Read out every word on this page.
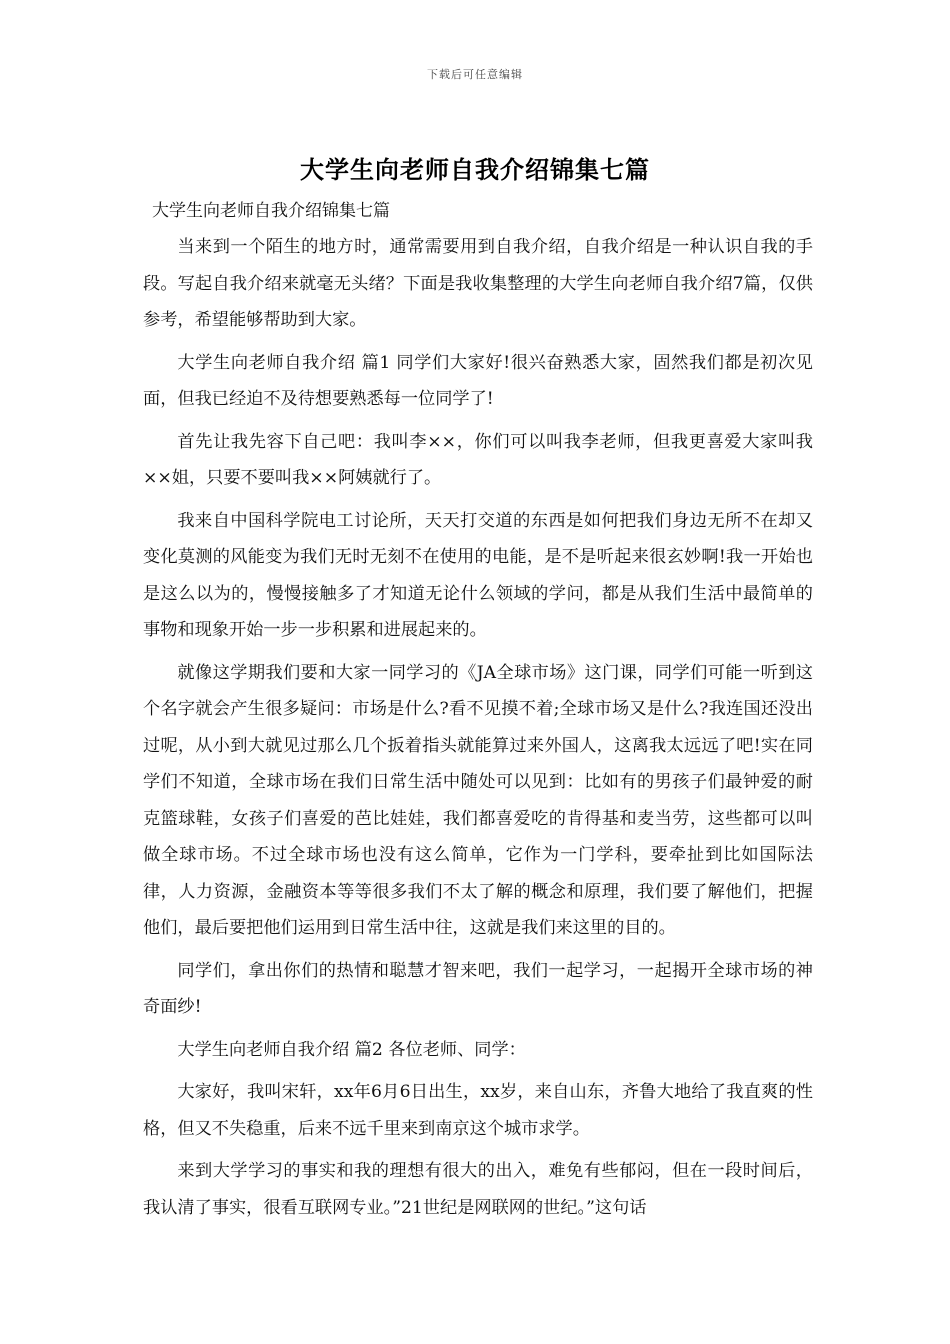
下载后可任意编辑
大学生向老师自我介绍锦集七篇
大学生向老师自我介绍锦集七篇

当来到一个陌生的地方时，通常需要用到自我介绍，自我介绍是一种认识自我的手段。写起自我介绍来就毫无头绪？下面是我收集整理的大学生向老师自我介绍7篇，仅供参考，希望能够帮助到大家。

大学生向老师自我介绍 篇1 同学们大家好!很兴奋熟悉大家，固然我们都是初次见面，但我已经迫不及待想要熟悉每一位同学了!

首先让我先容下自己吧：我叫李××，你们可以叫我李老师，但我更喜爱大家叫我××姐，只要不要叫我××阿姨就行了。

我来自中国科学院电工讨论所，天天打交道的东西是如何把我们身边无所不在却又变化莫测的风能变为我们无时无刻不在使用的电能，是不是听起来很玄妙啊!我一开始也是这么以为的，慢慢接触多了才知道无论什么领域的学问，都是从我们生活中最简单的事物和现象开始一步一步积累和进展起来的。

就像这学期我们要和大家一同学习的《JA全球市场》这门课，同学们可能一听到这个名字就会产生很多疑问：市场是什么?看不见摸不着;全球市场又是什么?我连国还没出过呢，从小到大就见过那么几个扳着指头就能算过来外国人，这离我太远远了吧!实在同学们不知道，全球市场在我们日常生活中随处可以见到：比如有的男孩子们最钟爱的耐克篮球鞋，女孩子们喜爱的芭比娃娃，我们都喜爱吃的肯得基和麦当劳，这些都可以叫做全球市场。不过全球市场也没有这么简单，它作为一门学科，要牵扯到比如国际法律，人力资源，金融资本等等很多我们不太了解的概念和原理，我们要了解他们，把握他们，最后要把他们运用到日常生活中往，这就是我们来这里的目的。

同学们，拿出你们的热情和聪慧才智来吧，我们一起学习，一起揭开全球市场的神奇面纱!

大学生向老师自我介绍 篇2 各位老师、同学：

大家好，我叫宋轩，xx年6月6日出生，xx岁，来自山东，齐鲁大地给了我直爽的性格，但又不失稳重，后来不远千里来到南京这个城市求学。

来到大学学习的事实和我的理想有很大的出入，难免有些郁闷，但在一段时间后，我认清了事实，很看互联网专业。”21世纪是网联网的世纪。”这句话
